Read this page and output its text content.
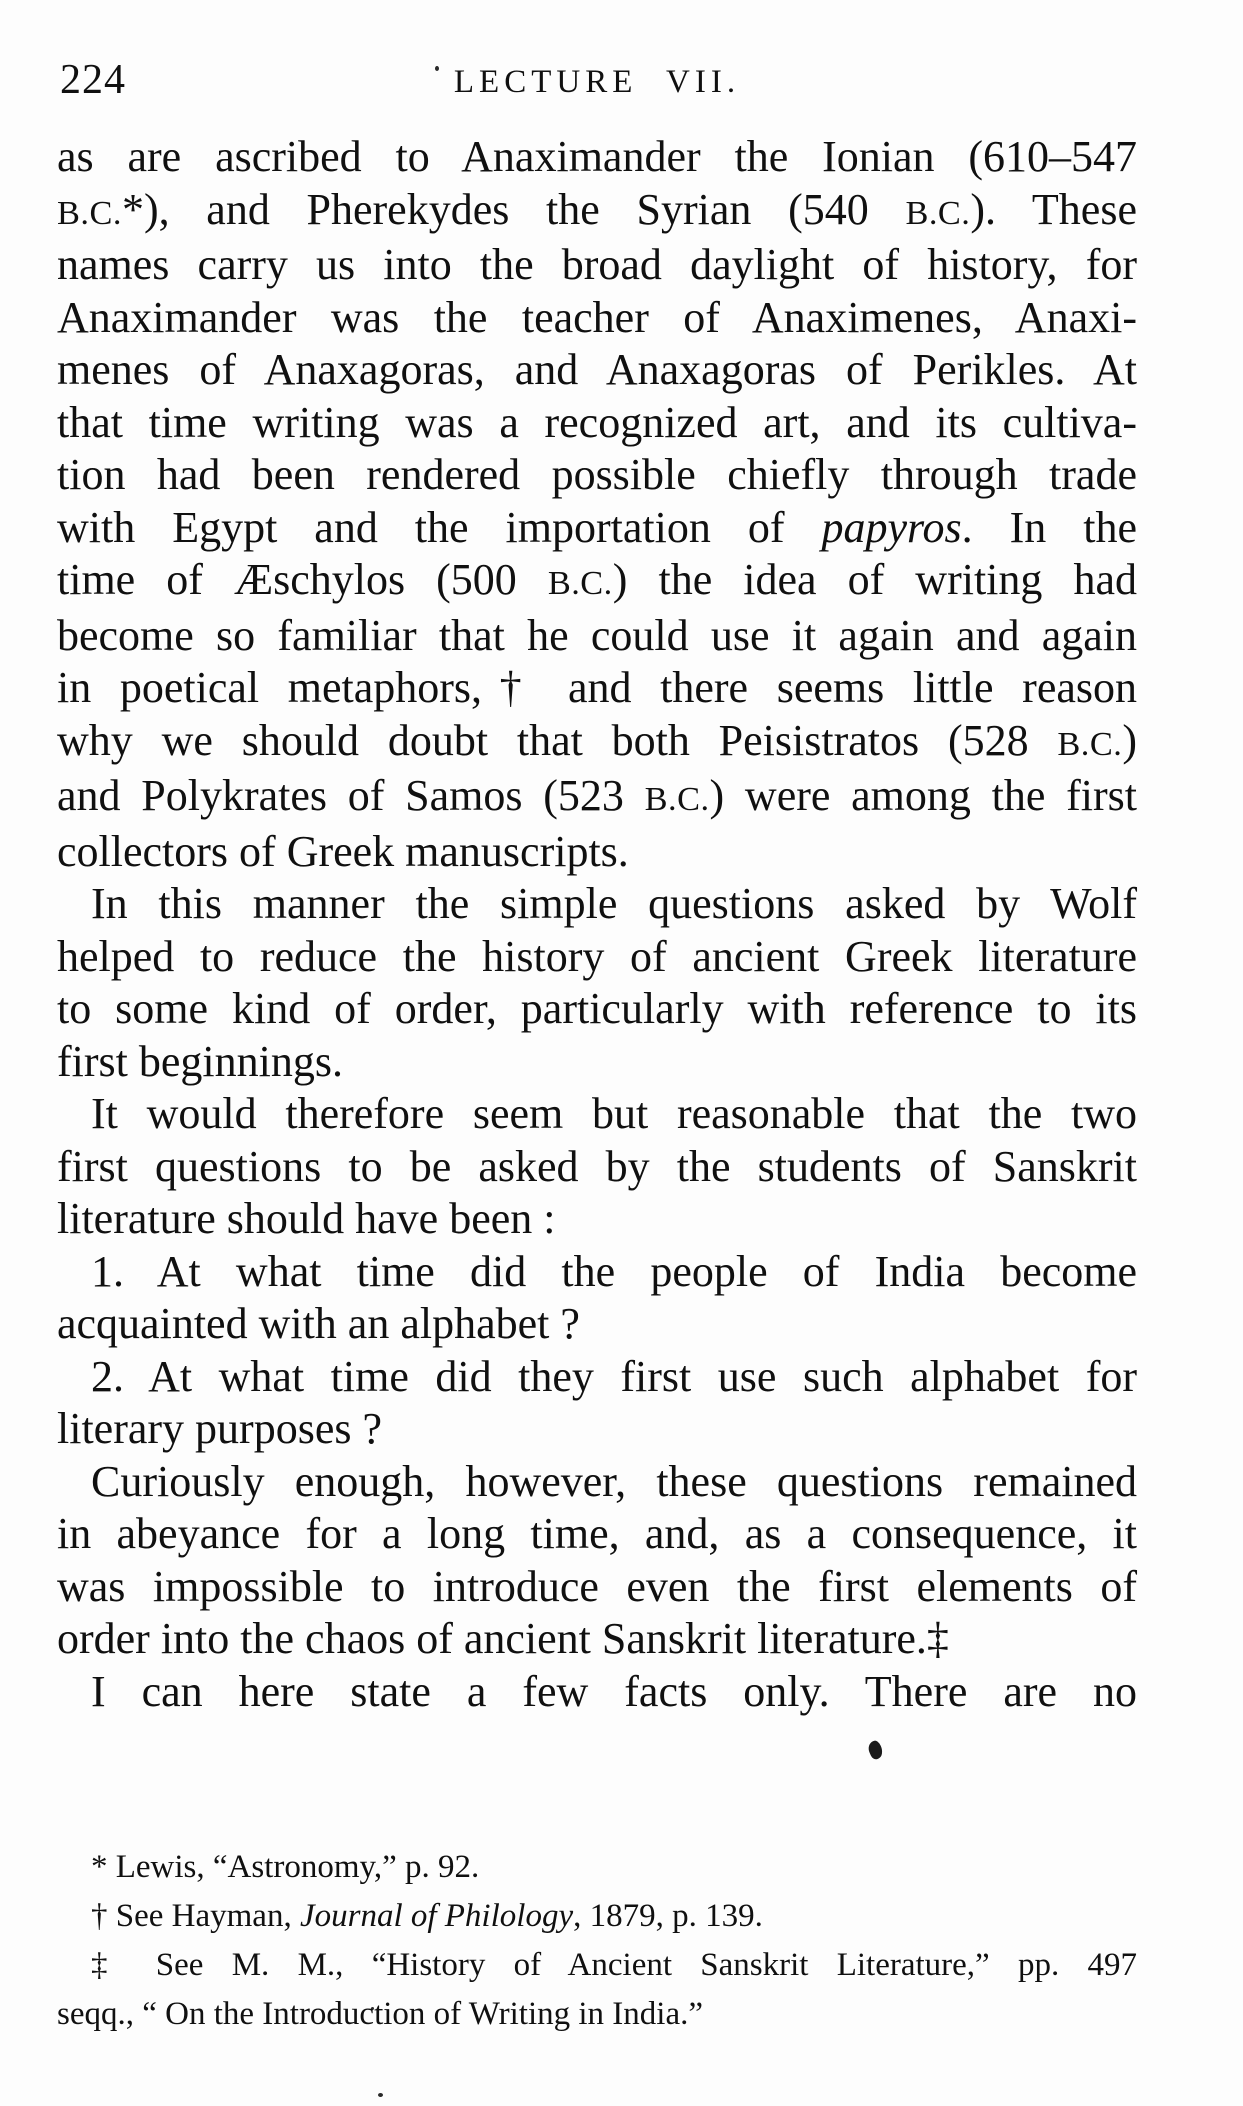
224	LECTURE VII.
as are ascribed to Anaximander the Ionian (610–547
B.C.*), and Pherekydes the Syrian (540 B.C.). These
names carry us into the broad daylight of history, for
Anaximander was the teacher of Anaximenes, Anaxi-
menes of Anaxagoras, and Anaxagoras of Perikles. At
that time writing was a recognized art, and its cultiva-
tion had been rendered possible chiefly through trade
with Egypt and the importation of papyros. In the
time of Æschylos (500 B.C.) the idea of writing had
become so familiar that he could use it again and again
in poetical metaphors,† and there seems little reason
why we should doubt that both Peisistratos (528 B.C.)
and Polykrates of Samos (523 B.C.) were among the first
collectors of Greek manuscripts.
In this manner the simple questions asked by Wolf
helped to reduce the history of ancient Greek literature
to some kind of order, particularly with reference to its
first beginnings.
It would therefore seem but reasonable that the two
first questions to be asked by the students of Sanskrit
literature should have been :
1. At what time did the people of India become
acquainted with an alphabet ?
2. At what time did they first use such alphabet for
literary purposes ?
Curiously enough, however, these questions remained
in abeyance for a long time, and, as a consequence, it
was impossible to introduce even the first elements of
order into the chaos of ancient Sanskrit literature.‡
I can here state a few facts only. There are no
* Lewis, “Astronomy,” p. 92.
† See Hayman, Journal of Philology, 1879, p. 139.
‡ See M. M., “History of Ancient Sanskrit Literature,” pp. 497
seqq., “ On the Introduction of Writing in India.”
